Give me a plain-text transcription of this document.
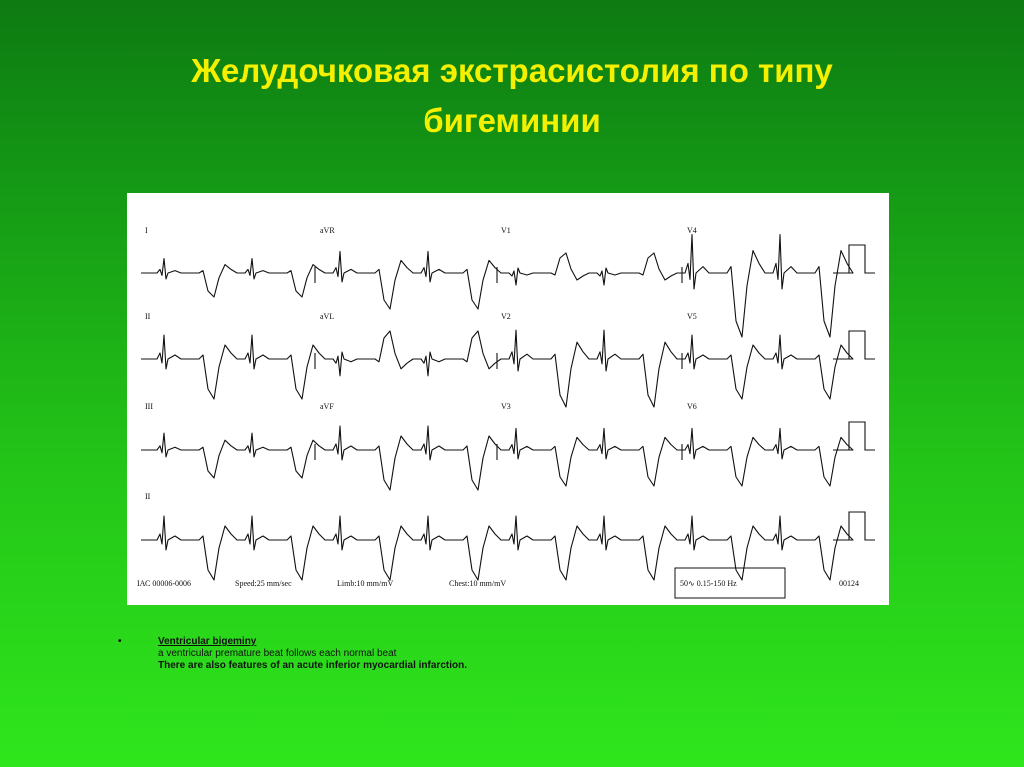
Желудочковая экстрасистолия по типу
бигеминии
I	aVR	V1	V4
II	aVL	V2	V5
III	aVF	V3	V6
II
IАС 00006-0006	Speed:25 mm/sec	Limb:10 mm/mV	Chest:10 mm/mV	50∿ 0.15-150 Hz	00124
•	Ventricular bigeminy
a ventricular premature beat follows each normal beat
There are also features of an acute inferior myocardial infarction.
